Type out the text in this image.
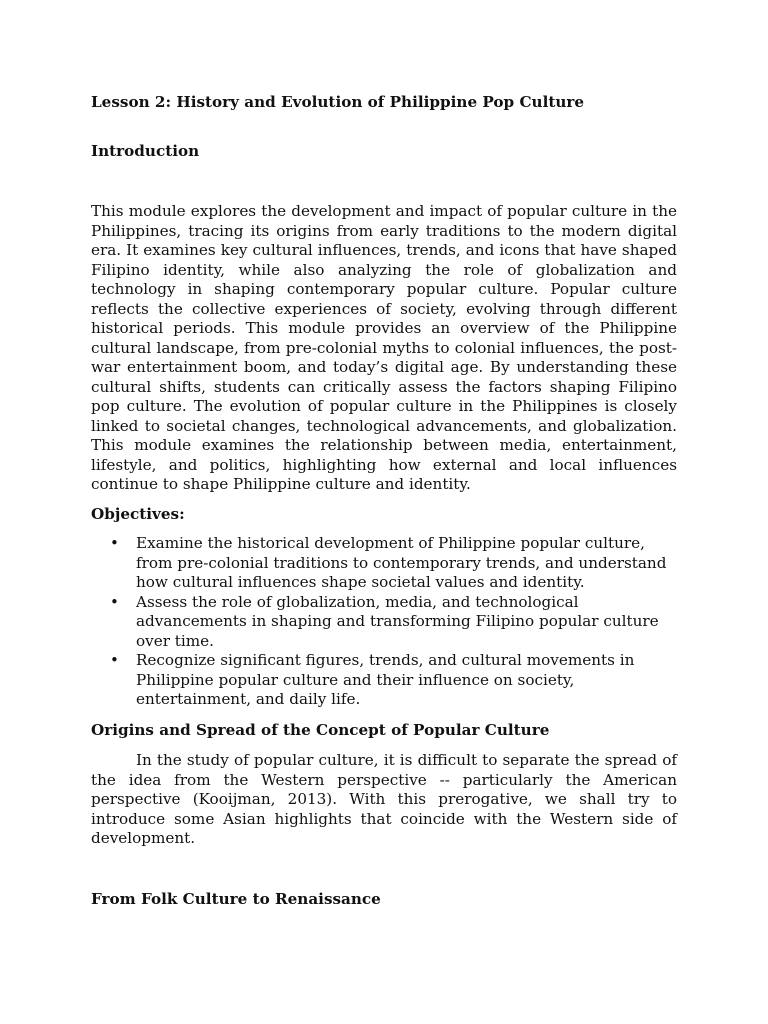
Lesson 2: History and Evolution of Philippine Pop Culture
Introduction

This module explores the development and impact of popular culture in the Philippines, tracing its origins from early traditions to the modern digital era. It examines key cultural influences, trends, and icons that have shaped Filipino identity, while also analyzing the role of globalization and technology in shaping contemporary popular culture. Popular culture reflects the collective experiences of society, evolving through different historical periods. This module provides an overview of the Philippine cultural landscape, from pre-colonial myths to colonial influences, the post-war entertainment boom, and today’s digital age. By understanding these cultural shifts, students can critically assess the factors shaping Filipino pop culture. The evolution of popular culture in the Philippines is closely linked to societal changes, technological advancements, and globalization. This module examines the relationship between media, entertainment, lifestyle, and politics, highlighting how external and local influences continue to shape Philippine culture and identity.

Objectives:
• Examine the historical development of Philippine popular culture, from pre-colonial traditions to contemporary trends, and understand how cultural influences shape societal values and identity.
• Assess the role of globalization, media, and technological advancements in shaping and transforming Filipino popular culture over time.
• Recognize significant figures, trends, and cultural movements in Philippine popular culture and their influence on society, entertainment, and daily life.
Origins and Spread of the Concept of Popular Culture

In the study of popular culture, it is difficult to separate the spread of the idea from the Western perspective -- particularly the American perspective (Kooijman, 2013). With this prerogative, we shall try to introduce some Asian highlights that coincide with the Western side of development.

From Folk Culture to Renaissance
